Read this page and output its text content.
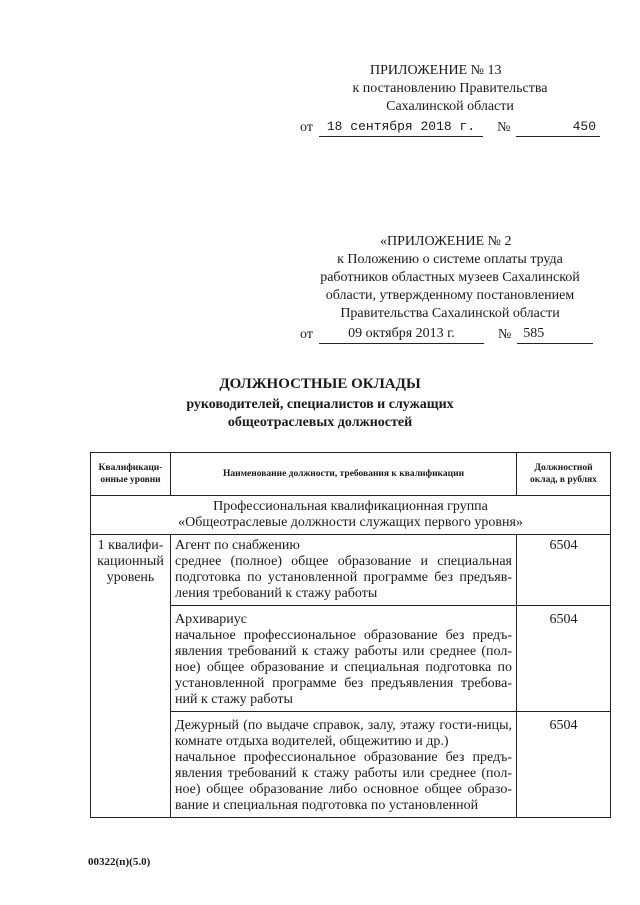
ПРИЛОЖЕНИЕ № 13
к постановлению Правительства
Сахалинской области
от	18 сентября 2018 г.	№	450
«ПРИЛОЖЕНИЕ № 2
к Положению о системе оплаты труда
работников областных музеев Сахалинской
области, утвержденному постановлением
Правительства Сахалинской области
от	09 октября 2013 г.	№ 585
ДОЛЖНОСТНЫЕ ОКЛАДЫ
руководителей, специалистов и служащих
общеотраслевых должностей
Квалификаци-онные уровни	Наименование должности, требования к квалификации	Должностной оклад, в рублях

Профессиональная квалификационная группа
«Общеотраслевые должности служащих первого уровня»		

1 квалифи-кационный уровень	Агент по снабжению
среднее (полное) общее образование и специальная подготовка по установленной программе без предъяв-ления требований к стажу работы	6504

	Архивариус
начальное профессиональное образование без предъ-явления требований к стажу работы или среднее (пол-ное) общее образование и специальная подготовка по установленной программе без предъявления требова-ний к стажу работы	6504

	Дежурный (по выдаче справок, залу, этажу гости-ницы, комнате отдыха водителей, общежитию и др.)
начальное профессиональное образование без предъ-явления требований к стажу работы или среднее (пол-ное) общее образование либо основное общее образо-вание и специальная подготовка по установленной	6504
00322(п)(5.0)
